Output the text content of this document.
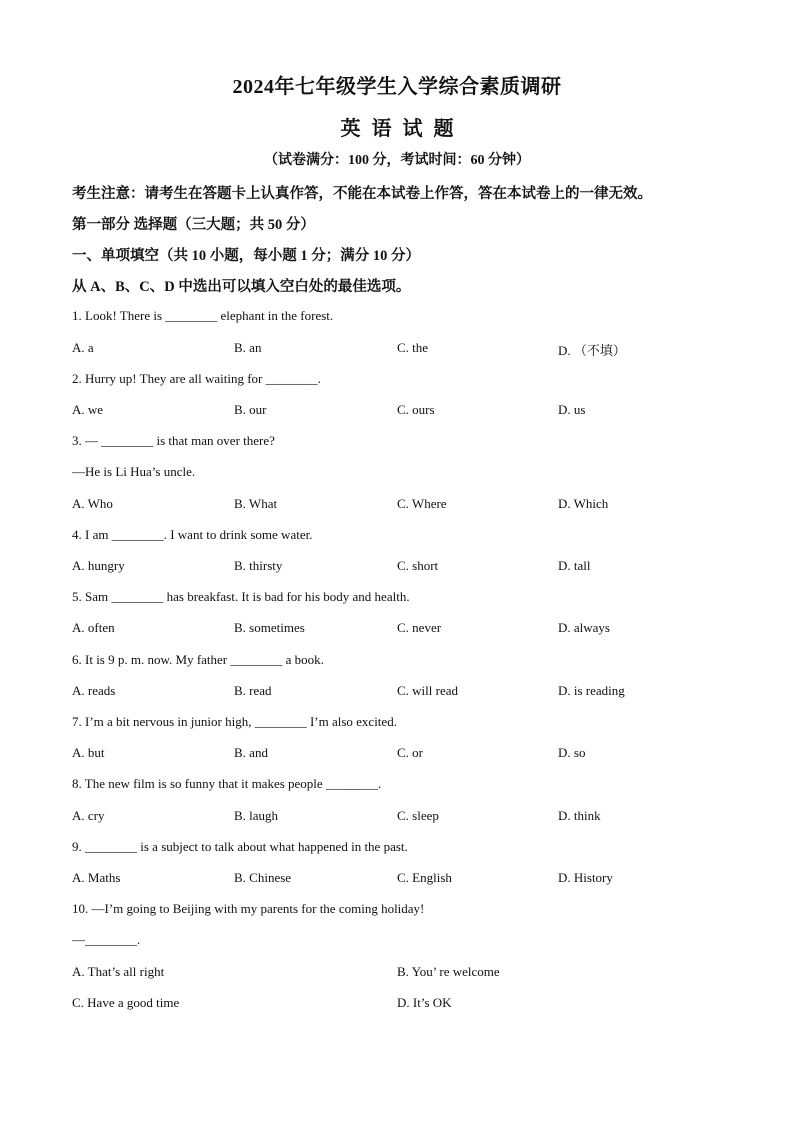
2024年七年级学生入学综合素质调研
英 语 试 题
（试卷满分：100 分，考试时间：60 分钟）
考生注意：请考生在答题卡上认真作答，不能在本试卷上作答，答在本试卷上的一律无效。
第一部分 选择题（三大题；共 50 分）
一、单项填空（共 10 小题，每小题 1 分；满分 10 分）
从 A、B、C、D 中选出可以填入空白处的最佳选项。
1. Look! There is ________ elephant in the forest.
A. a	B. an	C. the	D. （不填）
2. Hurry up! They are all waiting for ________.
A. we	B. our	C. ours	D. us
3. — ________ is that man over there?
—He is Li Hua’s uncle.
A. Who	B. What	C. Where	D. Which
4. I am ________. I want to drink some water.
A. hungry	B. thirsty	C. short	D. tall
5. Sam ________ has breakfast. It is bad for his body and health.
A. often	B. sometimes	C. never	D. always
6. It is 9 p. m. now. My father ________ a book.
A. reads	B. read	C. will read	D. is reading
7. I’m a bit nervous in junior high, ________ I’m also excited.
A. but	B. and	C. or	D. so
8. The new film is so funny that it makes people ________.
A. cry	B. laugh	C. sleep	D. think
9. ________ is a subject to talk about what happened in the past.
A. Maths	B. Chinese	C. English	D. History
10. —I’m going to Beijing with my parents for the coming holiday!
—________.
A. That’s all right	B. You’ re welcome
C. Have a good time	D. It’s OK
